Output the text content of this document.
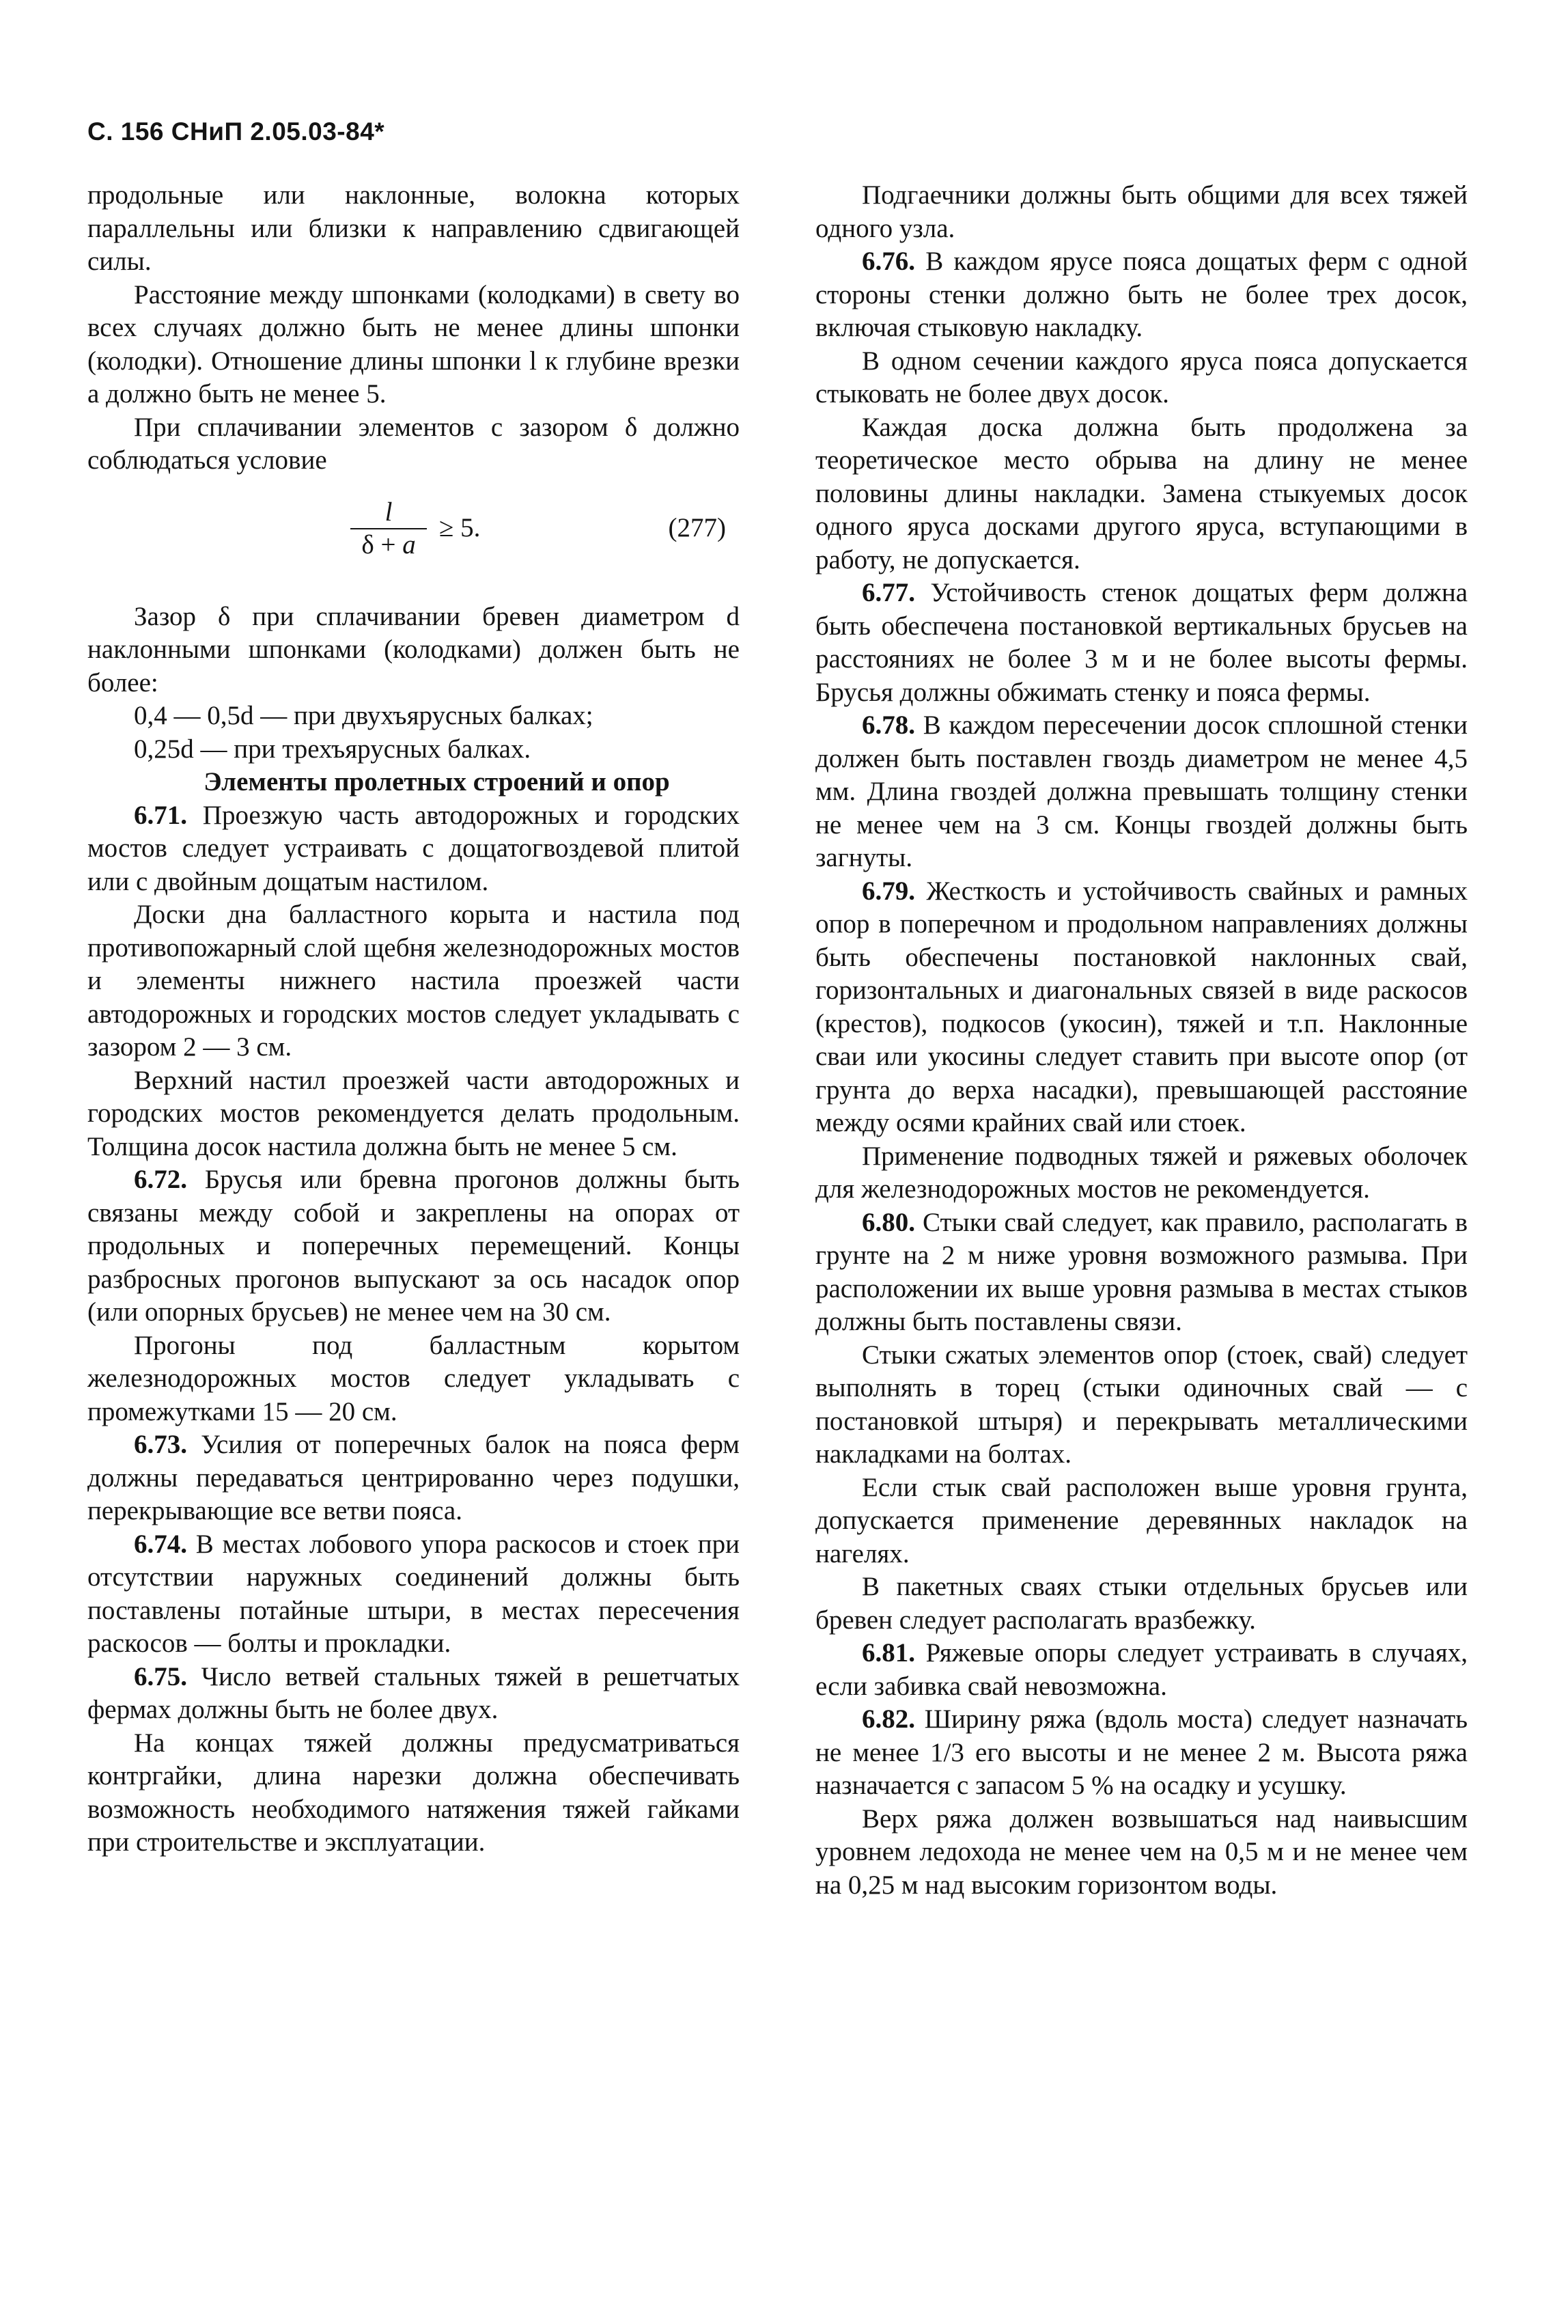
С. 156 СНиП 2.05.03-84*

продольные или наклонные, волокна которых параллельны или близки к направлению сдвигающей силы.

Расстояние между шпонками (колодками) в свету во всех случаях должно быть не менее длины шпонки (колодки). Отношение длины шпонки l к глубине врезки a должно быть не менее 5.

При сплачивании элементов с зазором δ должно соблюдаться условие

l
δ + a
≥ 5.	(277)

Зазор δ при сплачивании бревен диаметром d наклонными шпонками (колодками) должен быть не более:

0,4 — 0,5d — при двухъярусных балках;

0,25d — при трехъярусных балках.

Элементы пролетных строений и опор

6.71. Проезжую часть автодорожных и городских мостов следует устраивать с дощатогвоздевой плитой или с двойным дощатым настилом.

Доски дна балластного корыта и настила под противопожарный слой щебня железнодорожных мостов и элементы нижнего настила проезжей части автодорожных и городских мостов следует укладывать с зазором 2 — 3 см.

Верхний настил проезжей части автодорожных и городских мостов рекомендуется делать продольным. Толщина досок настила должна быть не менее 5 см.

6.72. Брусья или бревна прогонов должны быть связаны между собой и закреплены на опорах от продольных и поперечных перемещений. Концы разбросных прогонов выпускают за ось насадок опор (или опорных брусьев) не менее чем на 30 см.

Прогоны под балластным корытом железнодорожных мостов следует укладывать с промежутками 15 — 20 см.

6.73. Усилия от поперечных балок на пояса ферм должны передаваться центрированно через подушки, перекрывающие все ветви пояса.

6.74. В местах лобового упора раскосов и стоек при отсутствии наружных соединений должны быть поставлены потайные штыри, в местах пересечения раскосов — болты и прокладки.

6.75. Число ветвей стальных тяжей в решетчатых фермах должны быть не более двух.

На концах тяжей должны предусматриваться контргайки, длина нарезки должна обеспечивать возможность необходимого натяжения тяжей гайками при строительстве и эксплуатации.

Подгаечники должны быть общими для всех тяжей одного узла.

6.76. В каждом ярусе пояса дощатых ферм с одной стороны стенки должно быть не более трех досок, включая стыковую накладку.

В одном сечении каждого яруса пояса допускается стыковать не более двух досок.

Каждая доска должна быть продолжена за теоретическое место обрыва на длину не менее половины длины накладки. Замена стыкуемых досок одного яруса досками другого яруса, вступающими в работу, не допускается.

6.77. Устойчивость стенок дощатых ферм должна быть обеспечена постановкой вертикальных брусьев на расстояниях не более 3 м и не более высоты фермы. Брусья должны обжимать стенку и пояса фермы.

6.78. В каждом пересечении досок сплошной стенки должен быть поставлен гвоздь диаметром не менее 4,5 мм. Длина гвоздей должна превышать толщину стенки не менее чем на 3 см. Концы гвоздей должны быть загнуты.

6.79. Жесткость и устойчивость свайных и рамных опор в поперечном и продольном направлениях должны быть обеспечены постановкой наклонных свай, горизонтальных и диагональных связей в виде раскосов (крестов), подкосов (укосин), тяжей и т.п. Наклонные сваи или укосины следует ставить при высоте опор (от грунта до верха насадки), превышающей расстояние между осями крайних свай или стоек.

Применение подводных тяжей и ряжевых оболочек для железнодорожных мостов не рекомендуется.

6.80. Стыки свай следует, как правило, располагать в грунте на 2 м ниже уровня возможного размыва. При расположении их выше уровня размыва в местах стыков должны быть поставлены связи.

Стыки сжатых элементов опор (стоек, свай) следует выполнять в торец (стыки одиночных свай — с постановкой штыря) и перекрывать металлическими накладками на болтах.

Если стык свай расположен выше уровня грунта, допускается применение деревянных накладок на нагелях.

В пакетных сваях стыки отдельных брусьев или бревен следует располагать вразбежку.

6.81. Ряжевые опоры следует устраивать в случаях, если забивка свай невозможна.

6.82. Ширину ряжа (вдоль моста) следует назначать не менее 1/3 его высоты и не менее 2 м. Высота ряжа назначается с запасом 5 % на осадку и усушку.

Верх ряжа должен возвышаться над наивысшим уровнем ледохода не менее чем на 0,5 м и не менее чем на 0,25 м над высоким горизонтом воды.
